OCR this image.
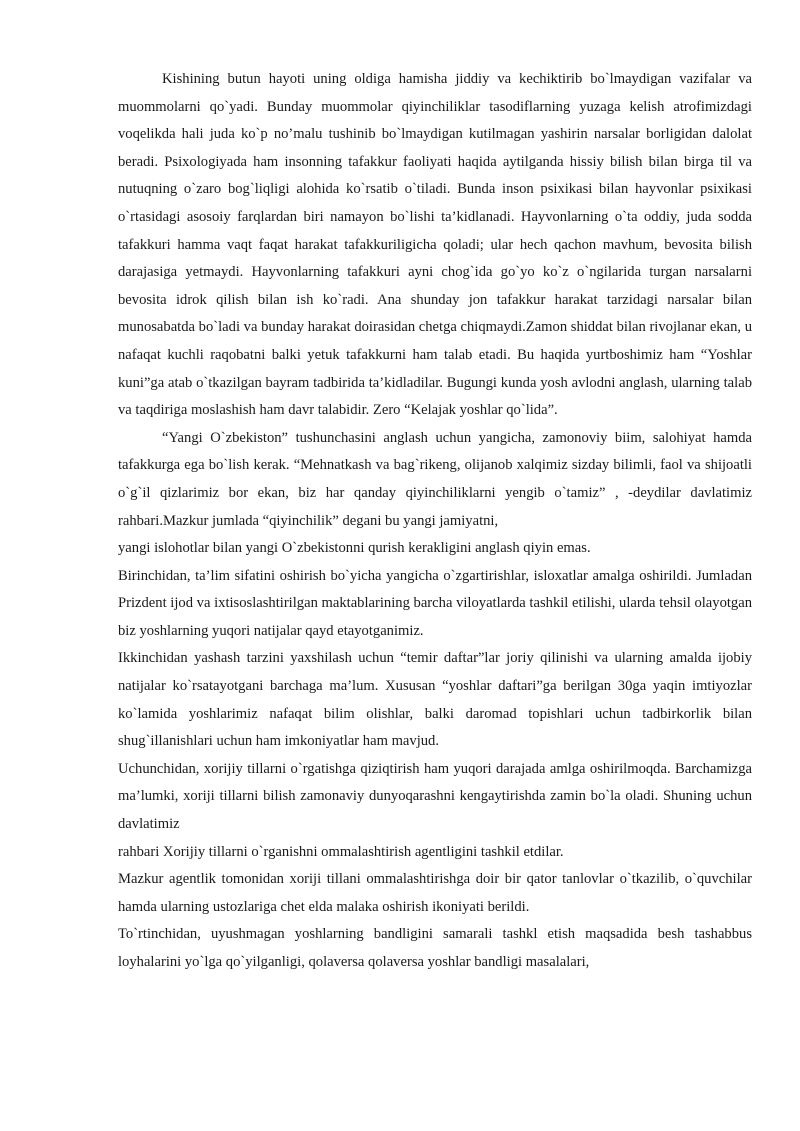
Kishining butun hayoti uning oldiga hamisha jiddiy va kechiktirib bo`lmaydigan vazifalar va muommolarni qo`yadi. Bunday muommolar qiyinchiliklar tasodiflarning yuzaga kelish atrofimizdagi voqelikda hali juda ko`p no’malu tushinib bo`lmaydigan kutilmagan yashirin narsalar borligidan dalolat beradi. Psixologiyada ham insonning tafakkur faoliyati haqida aytilganda hissiy bilish bilan birga til va nutuqning o`zaro bog`liqligi alohida ko`rsatib o`tiladi. Bunda inson psixikasi bilan hayvonlar psixikasi o`rtasidagi asosoiy farqlardan biri namayon bo`lishi ta’kidlanadi. Hayvonlarning o`ta oddiy, juda sodda tafakkuri hamma vaqt faqat harakat tafakkuriligicha qoladi; ular hech qachon mavhum, bevosita bilish darajasiga yetmaydi. Hayvonlarning tafakkuri ayni chog`ida go`yo ko`z o`ngilarida turgan narsalarni bevosita idrok qilish bilan ish ko`radi. Ana shunday jon tafakkur harakat tarzidagi narsalar bilan munosabatda bo`ladi va bunday harakat doirasidan chetga chiqmaydi.Zamon shiddat bilan rivojlanar ekan, u nafaqat kuchli raqobatni balki yetuk tafakkurni ham talab etadi. Bu haqida yurtboshimiz ham “Yoshlar kuni”ga atab o`tkazilgan bayram tadbirida ta’kidladilar. Bugungi kunda yosh avlodni anglash, ularning talab va taqdiriga moslashish ham davr talabidir. Zero “Kelajak yoshlar qo`lida”.

“Yangi O`zbekiston” tushunchasini anglash uchun yangicha, zamonoviy biim, salohiyat hamda tafakkurga ega bo`lish kerak. “Mehnatkash va bag`rikeng, olijanob xalqimiz sizday bilimli, faol va shijoatli o`g`il qizlarimiz bor ekan, biz har qanday qiyinchiliklarni yengib o`tamiz” , -deydilar davlatimiz rahbari.Mazkur jumlada “qiyinchilik” degani bu yangi jamiyatni,

yangi islohotlar bilan yangi O`zbekistonni qurish kerakligini anglash qiyin emas.

Birinchidan, ta’lim sifatini oshirish bo`yicha yangicha o`zgartirishlar, isloxatlar amalga oshirildi. Jumladan Prizdent ijod va ixtisoslashtirilgan maktablarining barcha viloyatlarda tashkil etilishi, ularda tehsil olayotgan biz yoshlarning yuqori natijalar qayd etayotganimiz.

Ikkinchidan yashash tarzini yaxshilash uchun “temir daftar”lar joriy qilinishi va ularning amalda ijobiy natijalar ko`rsatayotgani barchaga ma’lum. Xususan “yoshlar daftari”ga berilgan 30ga yaqin imtiyozlar ko`lamida yoshlarimiz nafaqat bilim olishlar, balki daromad topishlari uchun tadbirkorlik bilan shug`illanishlari uchun ham imkoniyatlar ham mavjud.

Uchunchidan, xorijiy tillarni o`rgatishga qiziqtirish ham yuqori darajada amlga oshirilmoqda. Barchamizga ma’lumki, xoriji tillarni bilish zamonaviy dunyoqarashni kengaytirishda zamin bo`la oladi. Shuning uchun davlatimiz

rahbari Xorijiy tillarni o`rganishni ommalashtirish agentligini tashkil etdilar.

Mazkur agentlik tomonidan xoriji tillani ommalashtirishga doir bir qator tanlovlar o`tkazilib, o`quvchilar hamda ularning ustozlariga chet elda malaka oshirish ikoniyati berildi.

To`rtinchidan, uyushmagan yoshlarning bandligini samarali tashkl etish maqsadida besh tashabbus loyhalarini yo`lga qo`yilganligi, qolaversa qolaversa yoshlar bandligi masalalari,
